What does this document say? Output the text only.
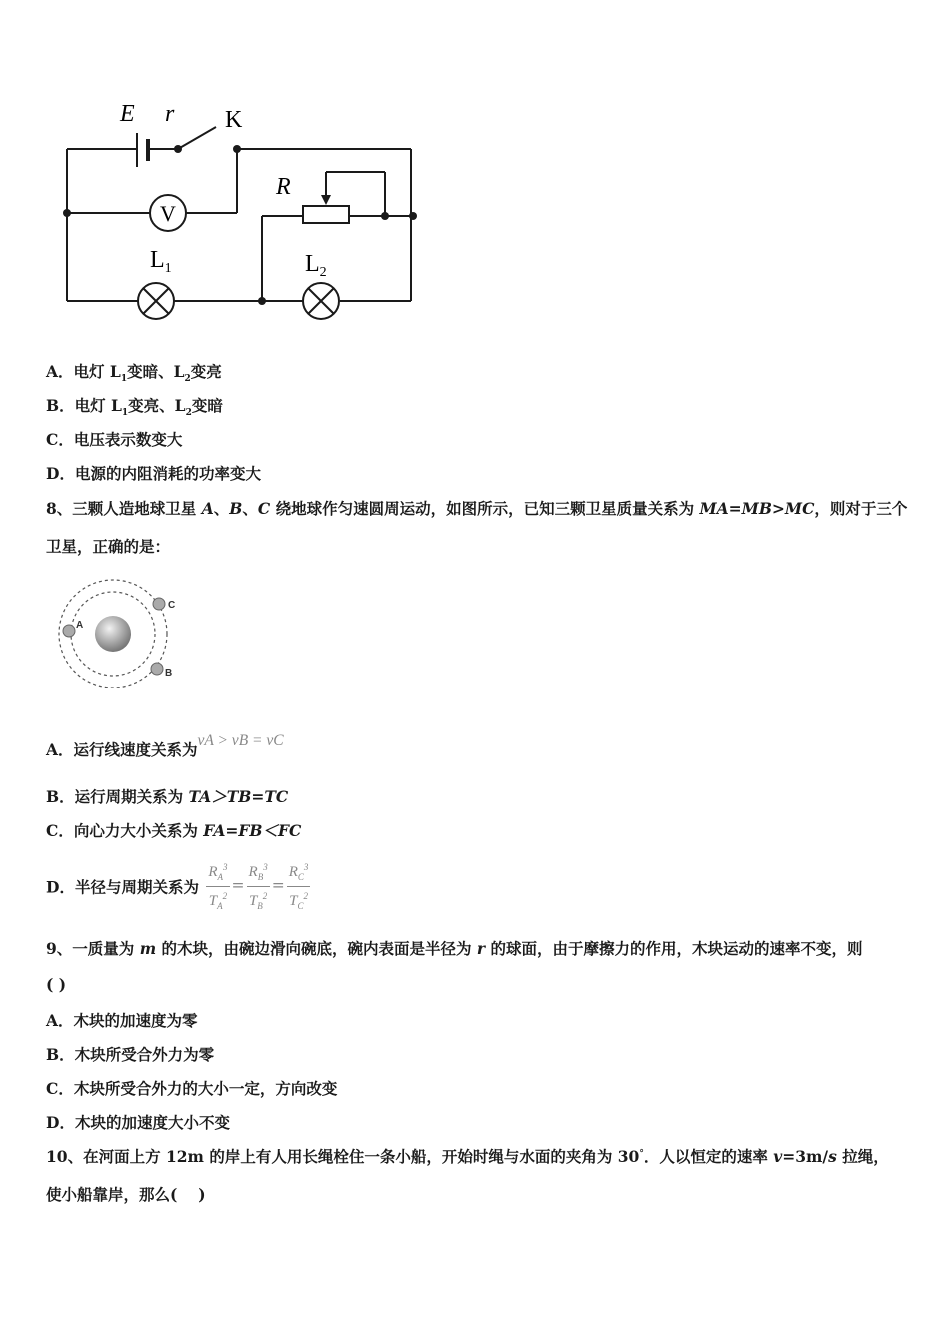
E r K
V
R
$L_1$	$L_2$
A．电灯 $L_1$变暗、$L_2$变亮
B．电灯 $L_1$变亮、$L_2$变暗
C．电压表示数变大
D．电源的内阻消耗的功率变大
8、三颗人造地球卫星 A、B、C 绕地球作匀速圆周运动，如图所示，已知三颗卫星质量关系为 MA=MB>MC，则对于三个
卫星，正确的是：
A
C
B
A．运行线速度关系为vA > vB = vC
B．运行周期关系为 TA＞TB=TC
C．向心力大小关系为 FA=FB＜FC
D．半径与周期关系为 $\frac{R_A^3}{T_A^2} = \frac{R_B^3}{T_B^2} = \frac{R_C^3}{T_C^2}$
9、一质量为 m 的木块，由碗边滑向碗底，碗内表面是半径为 r 的球面，由于摩擦力的作用，木块运动的速率不变，则
( )
A．木块的加速度为零
B．木块所受合外力为零
C．木块所受合外力的大小一定，方向改变
D．木块的加速度大小不变
10、在河面上方 12m 的岸上有人用长绳栓住一条小船，开始时绳与水面的夹角为 30°．人以恒定的速率 v=3m/s 拉绳，
使小船靠岸，那么(　 )
